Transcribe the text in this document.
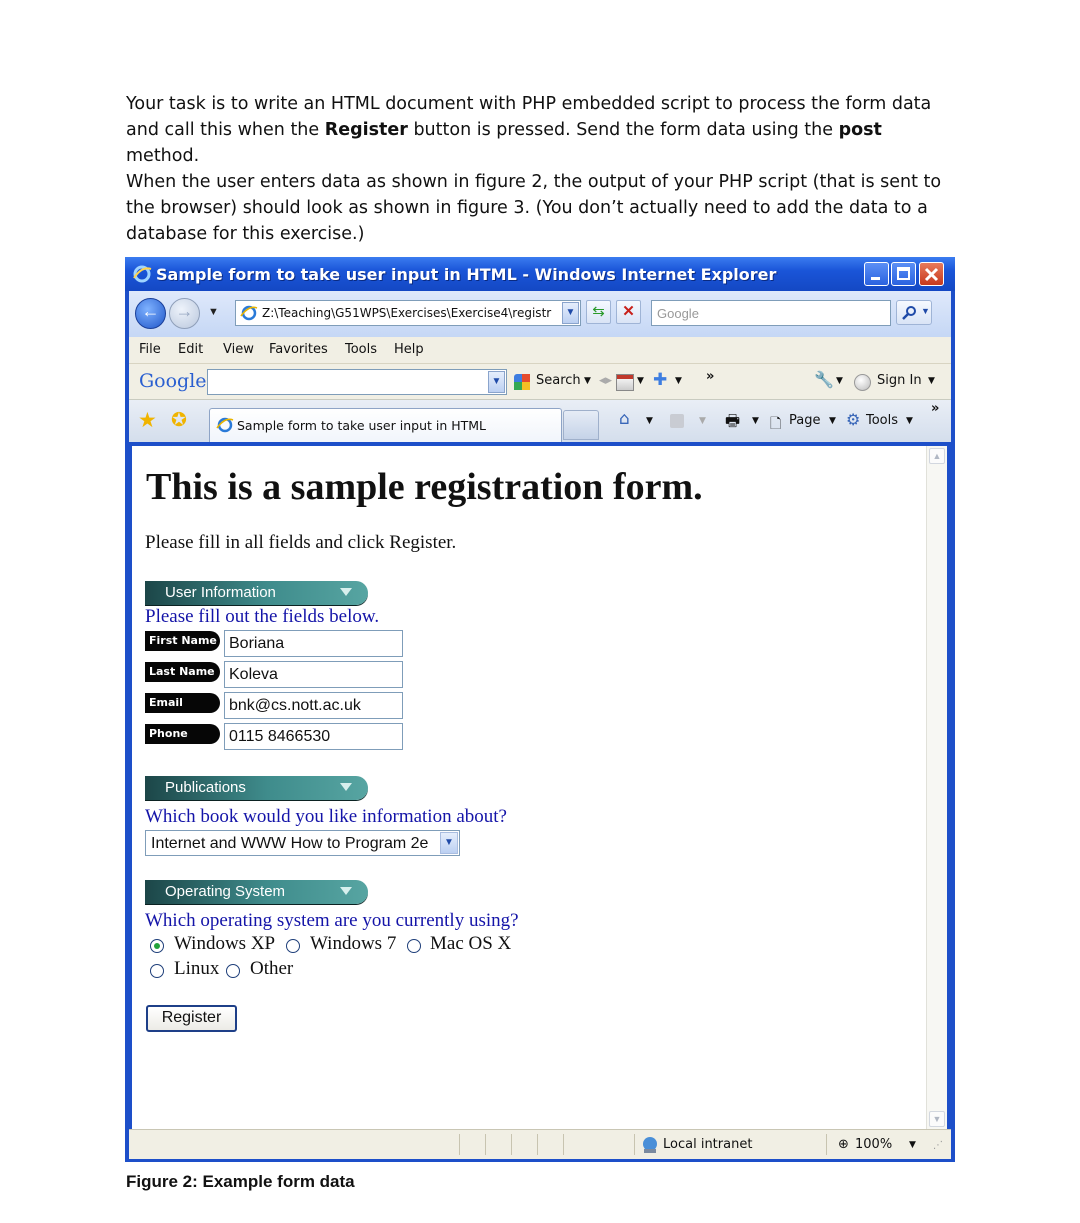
Your task is to write an HTML document with PHP embedded script to process the form data and call this when the Register button is pressed. Send the form data using the post method.

When the user enters data as shown in figure 2, the output of your PHP script (that is sent to the browser) should look as shown in figure 3. (You don’t actually need to add the data to a database for this exercise.)

Sample form to take user input in HTML - Windows Internet Explorer
← →	▼	Z:\Teaching\G51WPS\Exercises\Exercise4\registr	▼	⇆	✕	Google	▼
File Edit View Favorites Tools Help
Google	▼	Search ▼ ◂▸	▼ ✚ ▼ »	🔧 ▼	Sign In ▼
★ ✪	Sample form to take user input in HTML	⌂ ▼	▼ 🖶 ▼ 🗋 Page ▼ ⚙ Tools ▼
»
This is a sample registration form.
Please fill in all fields and click Register.
User Information
Please fill out the fields below.
First Name Boriana
Last Name Koleva
Email	bnk@cs.nott.ac.uk
Phone	0115 8466530
Publications
Which book would you like information about?
Internet and WWW How to Program 2e	▼
Operating System
Which operating system are you currently using?
Windows XP Windows 7 Mac OS X
Linux Other
Register
▲
▼
Local intranet	⊕ 100% ▼ ⋰
Figure 2: Example form data
